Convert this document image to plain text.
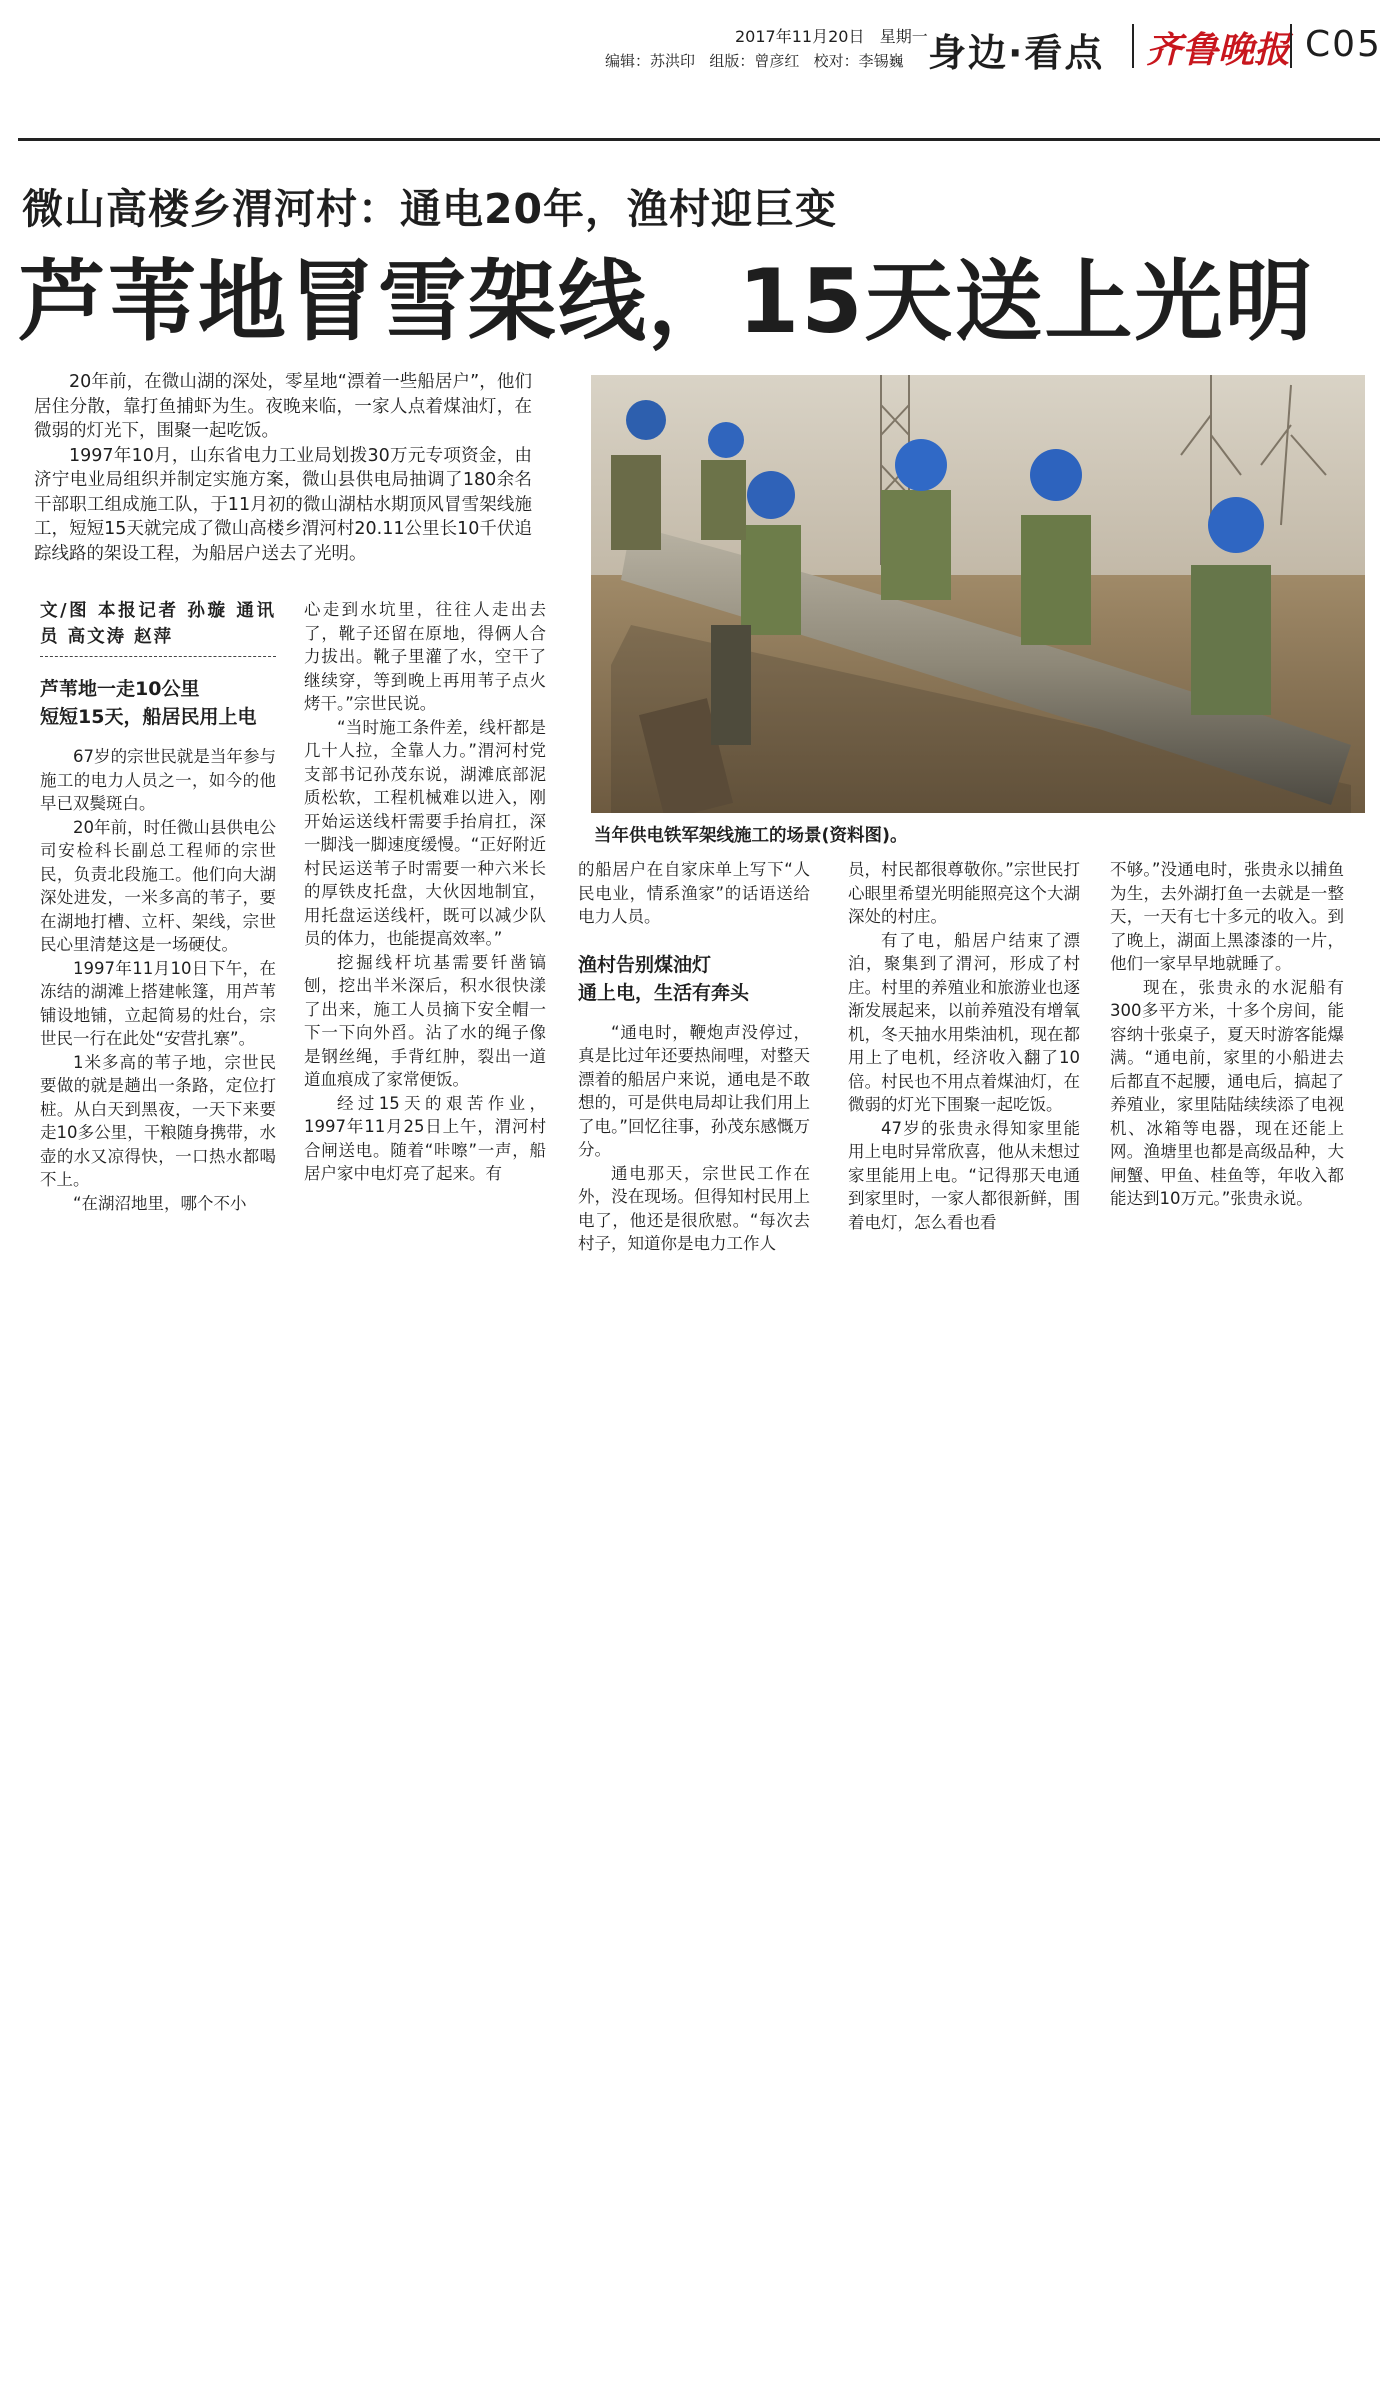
2017年11月20日 星期一
编辑：苏洪印 组版：曾彦红 校对：李锡巍 身边·看点 齐鲁晚报 C05
微山高楼乡渭河村：通电20年，渔村迎巨变
芦苇地冒雪架线，15天送上光明

20年前，在微山湖的深处，零星地“漂着一些船居户”，他们居住分散，靠打鱼捕虾为生。夜晚来临，一家人点着煤油灯，在微弱的灯光下，围聚一起吃饭。

1997年10月，山东省电力工业局划拨30万元专项资金，由济宁电业局组织并制定实施方案，微山县供电局抽调了180余名干部职工组成施工队，于11月初的微山湖枯水期顶风冒雪架线施工，短短15天就完成了微山高楼乡渭河村20.11公里长10千伏追踪线路的架设工程，为船居户送去了光明。

当年供电铁军架线施工的场景(资料图)。
文/图 本报记者 孙璇 通讯员 高文涛 赵萍
芦苇地一走10公里
短短15天，船居民用上电

67岁的宗世民就是当年参与施工的电力人员之一，如今的他早已双鬓斑白。

20年前，时任微山县供电公司安检科长副总工程师的宗世民，负责北段施工。他们向大湖深处进发，一米多高的苇子，要在湖地打槽、立杆、架线，宗世民心里清楚这是一场硬仗。

1997年11月10日下午，在冻结的湖滩上搭建帐篷，用芦苇铺设地铺，立起简易的灶台，宗世民一行在此处“安营扎寨”。

1米多高的苇子地，宗世民要做的就是趟出一条路，定位打桩。从白天到黑夜，一天下来要走10多公里，干粮随身携带，水壶的水又凉得快，一口热水都喝不上。

“在湖沼地里，哪个不小

心走到水坑里，往往人走出去了，靴子还留在原地，得俩人合力拔出。靴子里灌了水，空干了继续穿，等到晚上再用苇子点火烤干。”宗世民说。

“当时施工条件差，线杆都是几十人拉，全靠人力。”渭河村党支部书记孙茂东说，湖滩底部泥质松软，工程机械难以进入，刚开始运送线杆需要手抬肩扛，深一脚浅一脚速度缓慢。“正好附近村民运送苇子时需要一种六米长的厚铁皮托盘，大伙因地制宜，用托盘运送线杆，既可以减少队员的体力，也能提高效率。”

挖掘线杆坑基需要钎凿镐刨，挖出半米深后，积水很快漾了出来，施工人员摘下安全帽一下一下向外舀。沾了水的绳子像是钢丝绳，手背红肿，裂出一道道血痕成了家常便饭。

经过15天的艰苦作业，1997年11月25日上午，渭河村合闸送电。随着“咔嚓”一声，船居户家中电灯亮了起来。有

的船居户在自家床单上写下“人民电业，情系渔家”的话语送给电力人员。

渔村告别煤油灯
通上电，生活有奔头

“通电时，鞭炮声没停过，真是比过年还要热闹哩，对整天漂着的船居户来说，通电是不敢想的，可是供电局却让我们用上了电。”回忆往事，孙茂东感慨万分。

通电那天，宗世民工作在外，没在现场。但得知村民用上电了，他还是很欣慰。“每次去村子，知道你是电力工作人

员，村民都很尊敬你。”宗世民打心眼里希望光明能照亮这个大湖深处的村庄。

有了电，船居户结束了漂泊，聚集到了渭河，形成了村庄。村里的养殖业和旅游业也逐渐发展起来，以前养殖没有增氧机，冬天抽水用柴油机，现在都用上了电机，经济收入翻了10倍。村民也不用点着煤油灯，在微弱的灯光下围聚一起吃饭。

47岁的张贵永得知家里能用上电时异常欣喜，他从未想过家里能用上电。“记得那天电通到家里时，一家人都很新鲜，围着电灯，怎么看也看

不够。”没通电时，张贵永以捕鱼为生，去外湖打鱼一去就是一整天，一天有七十多元的收入。到了晚上，湖面上黑漆漆的一片，他们一家早早地就睡了。

现在，张贵永的水泥船有300多平方米，十多个房间，能容纳十张桌子，夏天时游客能爆满。“通电前，家里的小船进去后都直不起腰，通电后，搞起了养殖业，家里陆陆续续添了电视机、冰箱等电器，现在还能上网。渔塘里也都是高级品种，大闸蟹、甲鱼、桂鱼等，年收入都能达到10万元。”张贵永说。
